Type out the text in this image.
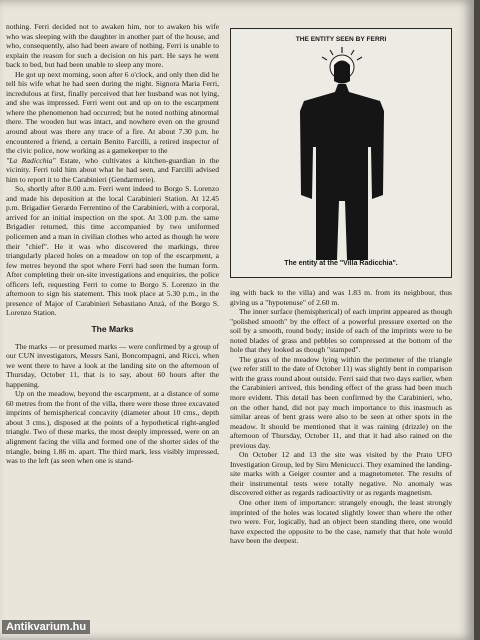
nothing. Ferri decided not to awaken him, nor to awaken his wife who was sleeping with the daughter in another part of the house, and who, consequently, also had been aware of nothing. Ferri is unable to explain the reason for such a decision on his part. He says he went back to bed, but had been unable to sleep any more.

He got up next morning, soon after 6 o'clock, and only then did he tell his wife what he had seen during the night. Signora Maria Ferri, incredulous at first, finally perceived that her husband was not lying, and she was impressed. Ferri went out and up on to the escarpment where the phenomenon had occurred; but he noted nothing abnormal there. The wooden hut was intact, and nowhere even on the ground around about was there any trace of a fire. At about 7.30 p.m. he encountered a friend, a certain Benito Farcilli, a retired inspector of the civic police, now working as a gamekeeper to the

"La Radicchia" Estate, who cultivates a kitchen-guardian in the vicinity. Ferri told him about what he had seen, and Farcilli advised him to report it to the Carabinieri (Gendarmerie).

So, shortly after 8.00 a.m. Ferri went indeed to Borgo S. Lorenzo and made his deposition at the local Carabinieri Station. At 12.45 p.m. Brigadier Gerardo Ferrentino of the Carabinieri, with a corporal, arrived for an initial inspection on the spot. At 3.00 p.m. the same Brigadier returned, this time accompanied by two uniformed policemen and a man in civilian clothes who acted as though he were their "chief". He it was who discovered the markings, three triangularly placed holes on a meadow on top of the escarpment, a few metres beyond the spot where Ferri had seen the human form. After completing their on-site investigations and enquiries, the police officers left, requesting Ferri to come to Borgo S. Lorenzo in the afternoon to sign his statement. This took place at 5.30 p.m., in the presence of Major of Carabinieri Sebastiano Anzà, of the Borgo S. Lorenzo Station.

The Marks

The marks — or presumed marks — were confirmed by a group of our CUN investigators, Messrs Sani, Boncompagni, and Ricci, when we went there to have a look at the landing site on the afternoon of Thursday, October 11, that is to say, about 60 hours after the happening.

Up on the meadow, beyond the escarpment, at a distance of some 60 metres from the front of the villa, there were those three excavated imprints of hemispherical concavity (diameter about 10 cms., depth about 3 cms.), disposed at the points of a hypothetical right-angled triangle. Two of these marks, the most deeply impressed, were on an alignment facing the villa and formed one of the shorter sides of the triangle, being 1.86 m. apart. The third mark, less visibly impressed, was to the left (as seen when one is stand-

THE ENTITY SEEN BY FERRI
The entity at the "Villa Radicchia".

ing with back to the villa) and was 1.83 m. from its neighbour, thus giving us a "hypotenuse" of 2.60 m.

The inner surface (hemispherical) of each imprint appeared as though "polished smooth" by the effect of a powerful pressure exerted on the soil by a smooth, round body; inside of each of the imprints were to be noted blades of grass and pebbles so compressed at the bottom of the hole that they looked as though "stamped".

The grass of the meadow lying within the perimeter of the triangle (we refer still to the date of October 11) was slightly bent in comparison with the grass round about outside. Ferri said that two days earlier, when the Carabinieri arrived, this bending effect of the grass had been much more evident. This detail has been confirmed by the Carabinieri, who, on the other hand, did not pay much importance to this inasmuch as similar areas of bent grass were also to be seen at other spots in the meadow. It should be mentioned that it was raining (drizzle) on the afternoon of Thursday, October 11, and that it had also rained on the previous day.

On October 12 and 13 the site was visited by the Prato UFO Investigation Group, led by Siro Menicucci. They examined the landing-site marks with a Geiger counter and a magnetometer. The results of their instrumental tests were totally negative. No anomaly was discovered either as regards radioactivity or as regards magnetism.

One other item of importance: strangely enough, the least strongly imprinted of the holes was located slightly lower than where the other two were. For, logically, had an object been standing there, one would have expected the opposite to be the case, namely that that hole would have been the deepest.

Antikvarium.hu
